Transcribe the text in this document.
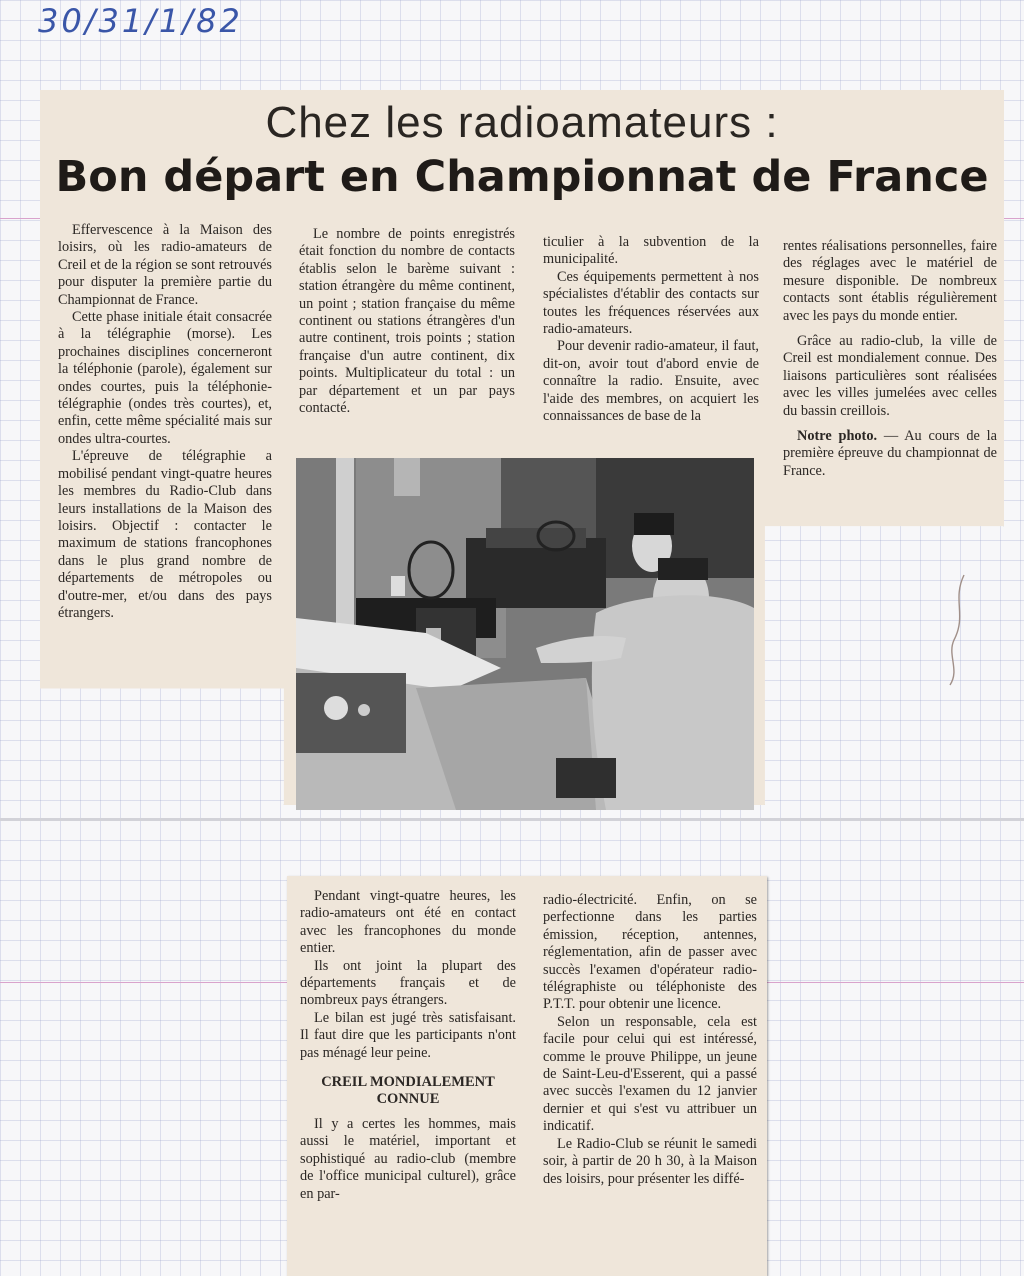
30/31/1/82
Chez les radioamateurs :
Bon départ en Championnat de France

Effervescence à la Maison des loisirs, où les radio-amateurs de Creil et de la région se sont retrouvés pour disputer la première partie du Championnat de France.

Cette phase initiale était consacrée à la télégraphie (morse). Les prochaines disciplines concerneront la téléphonie (parole), également sur ondes courtes, puis la téléphonie-télégraphie (ondes très courtes), et, enfin, cette même spécialité mais sur ondes ultra-courtes.

L'épreuve de télégraphie a mobilisé pendant vingt-quatre heures les membres du Radio-Club dans leurs installations de la Maison des loisirs. Objectif : contacter le maximum de stations francophones dans le plus grand nombre de départements de métropoles ou d'outre-mer, et/ou dans des pays étrangers.

Le nombre de points enregistrés était fonction du nombre de contacts établis selon le barème suivant : station étrangère du même continent, un point ; station française du même continent ou stations étrangères d'un autre continent, trois points ; station française d'un autre continent, dix points. Multiplicateur du total : un par département et un par pays contacté.

ticulier à la subvention de la municipalité.

Ces équipements permettent à nos spécialistes d'établir des contacts sur toutes les fréquences réservées aux radio-amateurs.

Pour devenir radio-amateur, il faut, dit-on, avoir tout d'abord envie de connaître la radio. Ensuite, avec l'aide des membres, on acquiert les connaissances de base de la

rentes réalisations personnelles, faire des réglages avec le matériel de mesure disponible. De nombreux contacts sont établis régulièrement avec les pays du monde entier.

Grâce au radio-club, la ville de Creil est mondialement connue. Des liaisons particulières sont réalisées avec les villes jumelées avec celles du bassin creillois.

Notre photo. — Au cours de la première épreuve du championnat de France.

Pendant vingt-quatre heures, les radio-amateurs ont été en contact avec les francophones du monde entier.

Ils ont joint la plupart des départements français et de nombreux pays étrangers.

Le bilan est jugé très satisfaisant. Il faut dire que les participants n'ont pas ménagé leur peine.

CREIL MONDIALEMENT CONNUE

Il y a certes les hommes, mais aussi le matériel, important et sophistiqué au radio-club (membre de l'office municipal culturel), grâce en par-

radio-électricité. Enfin, on se perfectionne dans les parties émission, réception, antennes, réglementation, afin de passer avec succès l'examen d'opérateur radio-télégraphiste ou téléphoniste des P.T.T. pour obtenir une licence.

Selon un responsable, cela est facile pour celui qui est intéressé, comme le prouve Philippe, un jeune de Saint-Leu-d'Esserent, qui a passé avec succès l'examen du 12 janvier dernier et qui s'est vu attribuer un indicatif.

Le Radio-Club se réunit le samedi soir, à partir de 20 h 30, à la Maison des loisirs, pour présenter les diffé-
